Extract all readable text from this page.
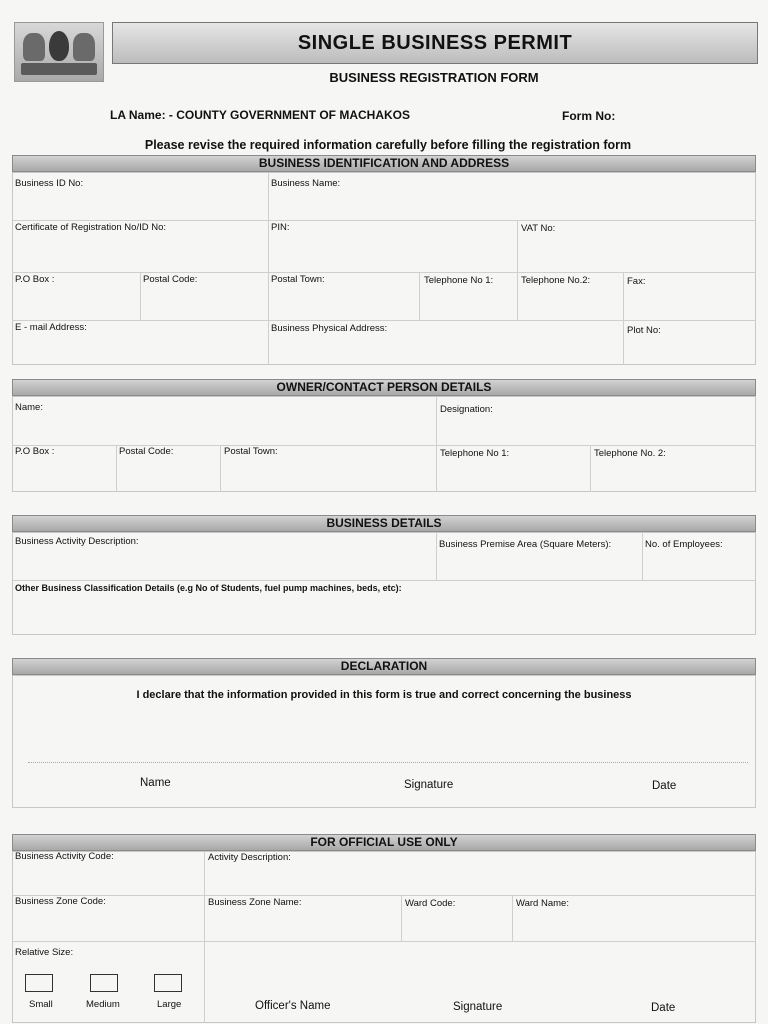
SINGLE BUSINESS PERMIT
BUSINESS REGISTRATION FORM
LA Name: - COUNTY GOVERNMENT OF MACHAKOS	Form No:
Please revise the required information carefully before filling the registration form
BUSINESS IDENTIFICATION AND ADDRESS
Business ID No:	Business Name:
Certificate of Registration No/ID No:	PIN:	VAT No:
P.O Box :	Postal Code:	Postal Town:	Telephone No 1:	Telephone No.2:	Fax:
E - mail Address:	Business Physical Address:	Plot No:
OWNER/CONTACT PERSON DETAILS
Name:	Designation:
P.O Box :	Postal Code:	Postal Town:	Telephone No 1:	Telephone No. 2:
BUSINESS DETAILS
Business Activity Description:	Business Premise Area (Square Meters):	No. of Employees:
Other Business Classification Details (e.g No of Students, fuel pump machines, beds, etc):
DECLARATION
I declare that the information provided in this form is true and correct concerning the business
Name	Signature	Date
FOR OFFICIAL USE ONLY
Business Activity Code:	Activity Description:
Business Zone Code:	Business Zone Name:	Ward Code:	Ward Name:
Relative Size:
Small	Medium	Large	Officer's Name	Signature	Date
